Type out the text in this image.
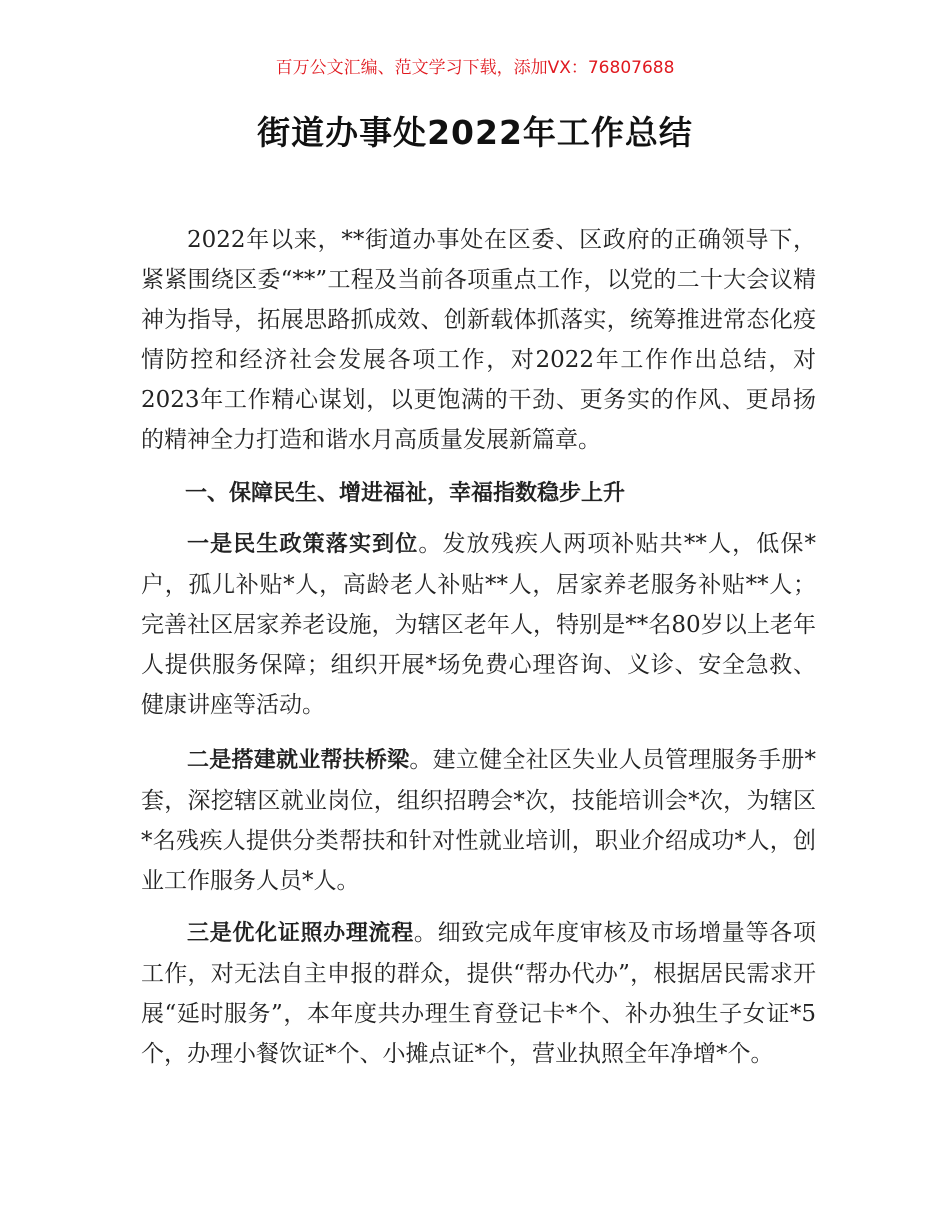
百万公文汇编、范文学习下载，添加VX：76807688
街道办事处2022年工作总结

2022年以来，**街道办事处在区委、区政府的正确领导下，紧紧围绕区委“**”工程及当前各项重点工作，以党的二十大会议精神为指导，拓展思路抓成效、创新载体抓落实，统筹推进常态化疫情防控和经济社会发展各项工作，对2022年工作作出总结，对2023年工作精心谋划，以更饱满的干劲、更务实的作风、更昂扬的精神全力打造和谐水月高质量发展新篇章。

一、保障民生、增进福祉，幸福指数稳步上升

一是民生政策落实到位。发放残疾人两项补贴共**人，低保*户，孤儿补贴*人，高龄老人补贴**人，居家养老服务补贴**人；完善社区居家养老设施，为辖区老年人，特别是**名80岁以上老年人提供服务保障；组织开展*场免费心理咨询、义诊、安全急救、健康讲座等活动。

二是搭建就业帮扶桥梁。建立健全社区失业人员管理服务手册*套，深挖辖区就业岗位，组织招聘会*次，技能培训会*次，为辖区*名残疾人提供分类帮扶和针对性就业培训，职业介绍成功*人，创业工作服务人员*人。

三是优化证照办理流程。细致完成年度审核及市场增量等各项工作，对无法自主申报的群众，提供“帮办代办”，根据居民需求开展“延时服务”，本年度共办理生育登记卡*个、补办独生子女证*5个，办理小餐饮证*个、小摊点证*个，营业执照全年净增*个。
